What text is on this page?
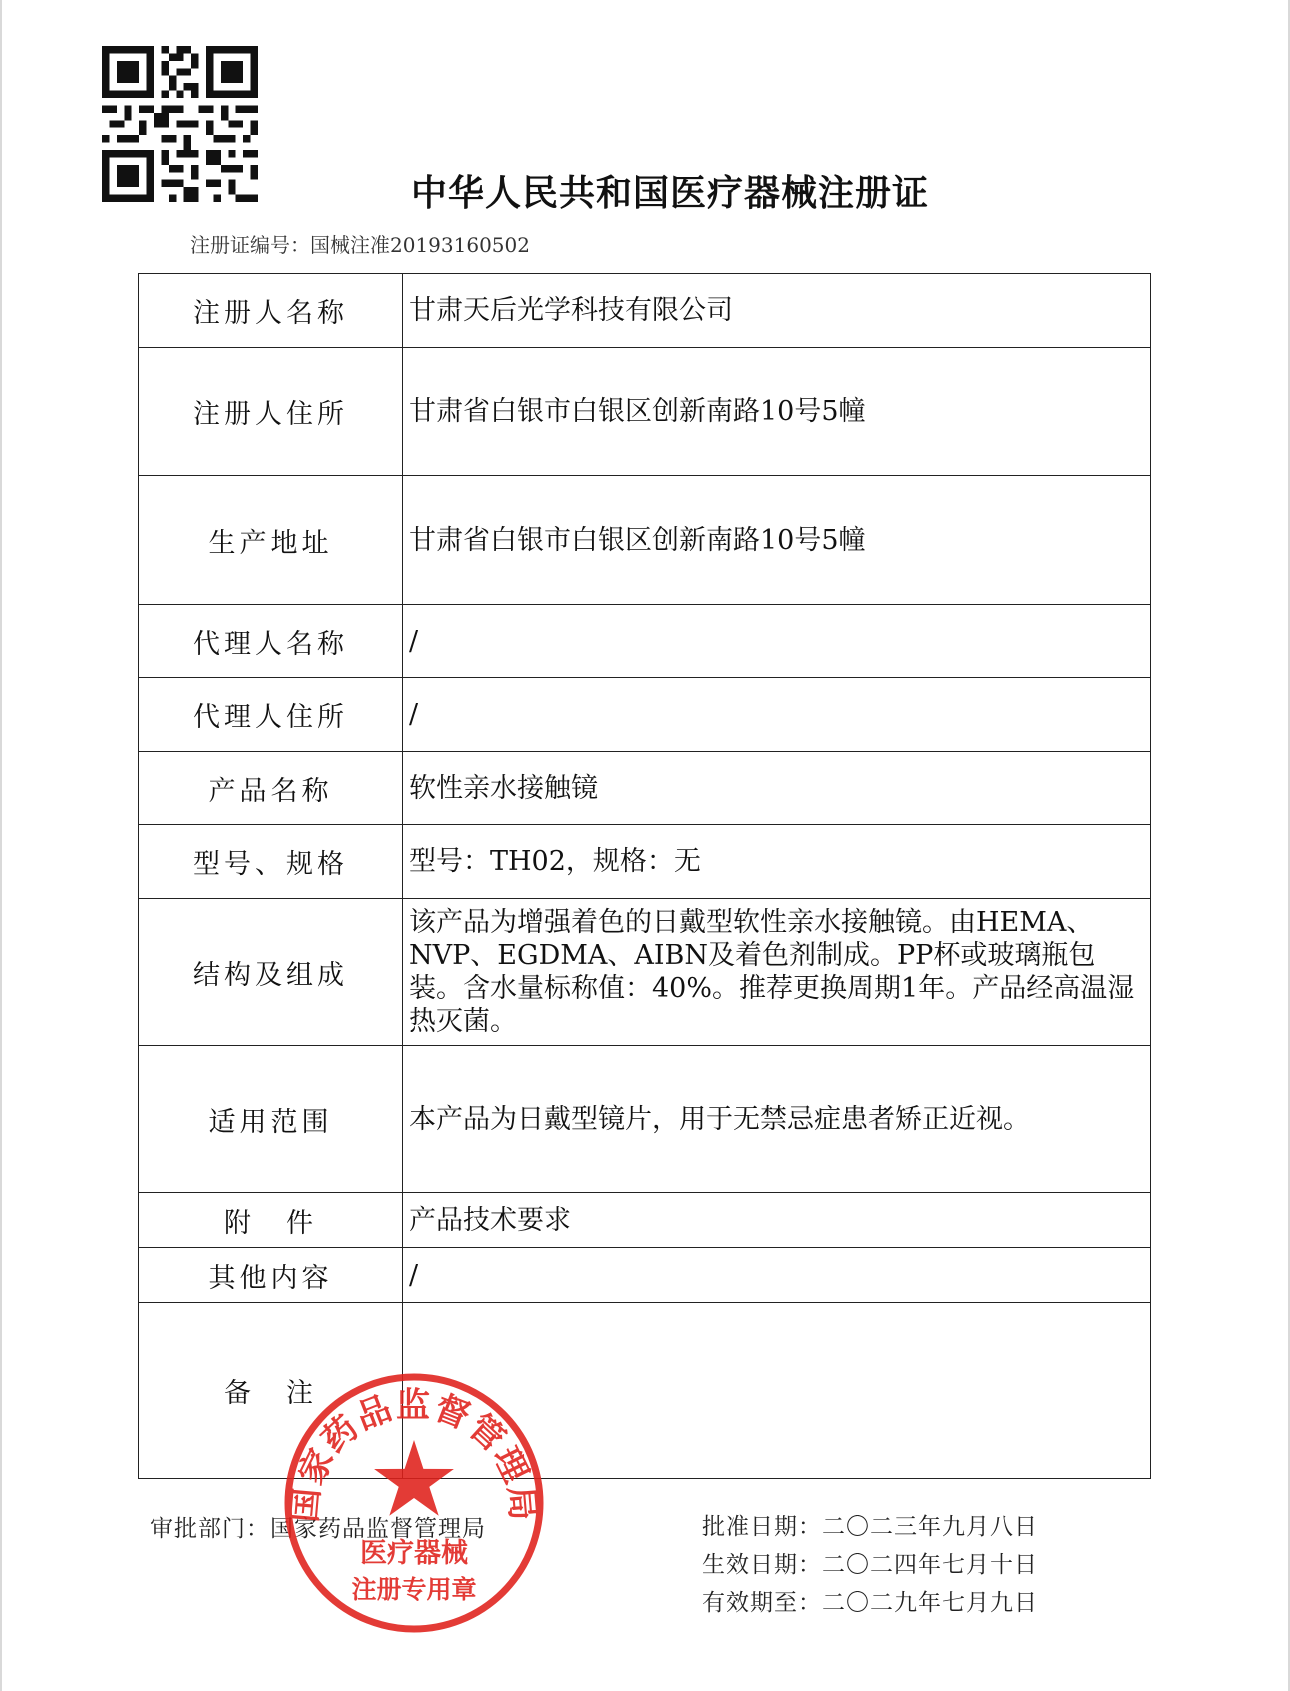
中华人民共和国医疗器械注册证
注册证编号：国械注准20193160502
注册人名称	甘肃天后光学科技有限公司
注册人住所	甘肃省白银市白银区创新南路10号5幢
生产地址	甘肃省白银市白银区创新南路10号5幢
代理人名称	/
代理人住所	/
产品名称	软性亲水接触镜
型号、规格	型号：TH02，规格：无
结构及组成	该产品为增强着色的日戴型软性亲水接触镜。由HEMA、NVP、EGDMA、AIBN及着色剂制成。PP杯或玻璃瓶包装。含水量标称值：40%。推荐更换周期1年。产品经高温湿热灭菌。
适用范围	本产品为日戴型镜片，用于无禁忌症患者矫正近视。
附　件	产品技术要求
其他内容	/
备　注	
审批部门：国家药品监督管理局	批准日期：二〇二三年九月八日
生效日期：二〇二四年七月十日
有效期至：二〇二九年七月九日
国家药品监督管理局
医疗器械
注册专用章
